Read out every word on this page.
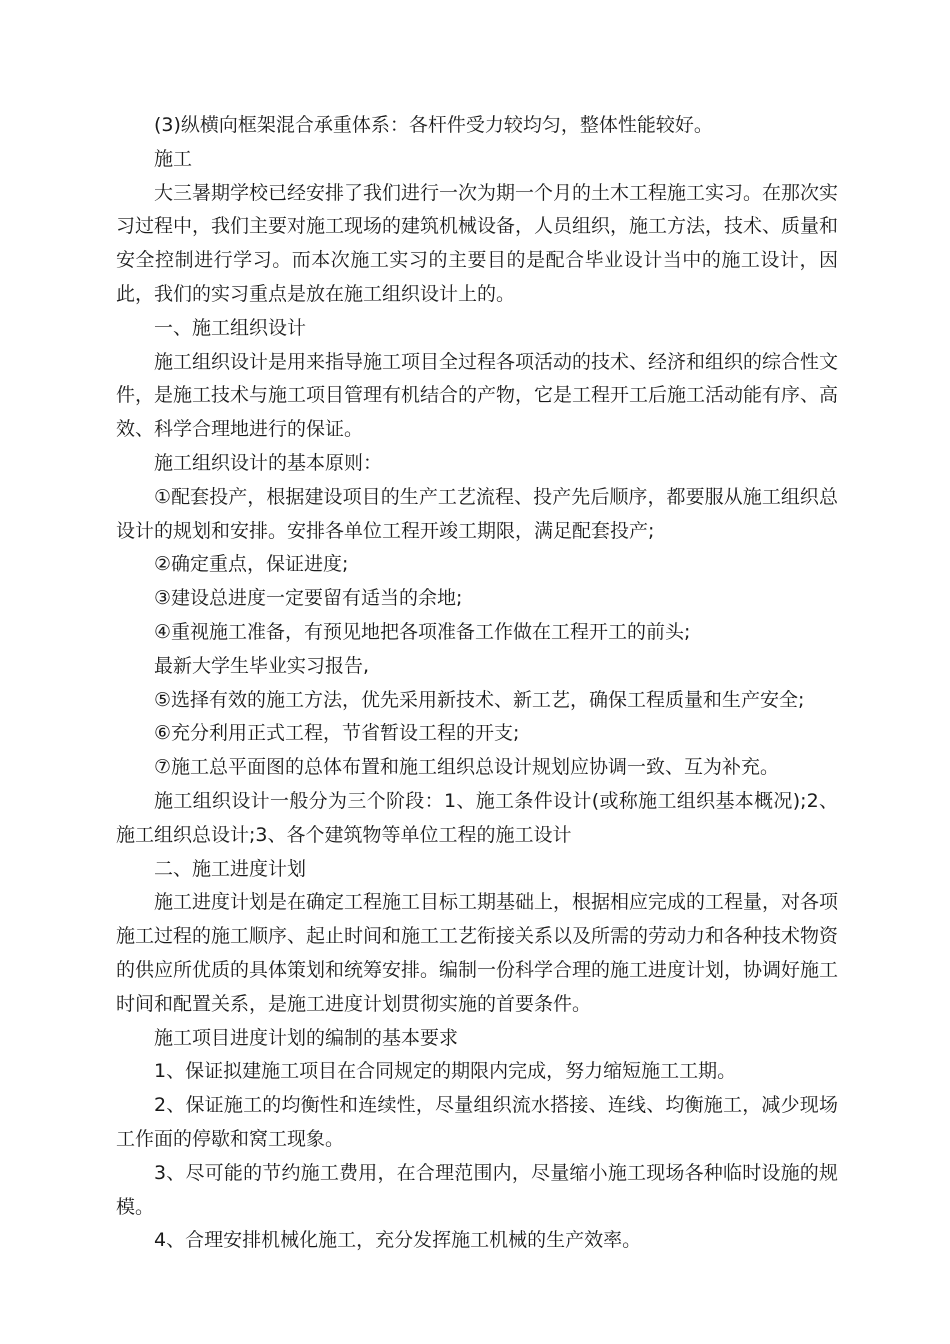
(3)纵横向框架混合承重体系：各杆件受力较均匀，整体性能较好。

施工

大三暑期学校已经安排了我们进行一次为期一个月的土木工程施工实习。在那次实习过程中，我们主要对施工现场的建筑机械设备，人员组织，施工方法，技术、质量和安全控制进行学习。而本次施工实习的主要目的是配合毕业设计当中的施工设计，因此，我们的实习重点是放在施工组织设计上的。

一、施工组织设计

施工组织设计是用来指导施工项目全过程各项活动的技术、经济和组织的综合性文件，是施工技术与施工项目管理有机结合的产物，它是工程开工后施工活动能有序、高效、科学合理地进行的保证。

施工组织设计的基本原则：

①配套投产，根据建设项目的生产工艺流程、投产先后顺序，都要服从施工组织总设计的规划和安排。安排各单位工程开竣工期限，满足配套投产;

②确定重点，保证进度;

③建设总进度一定要留有适当的余地;

④重视施工准备，有预见地把各项准备工作做在工程开工的前头;

最新大学生毕业实习报告,

⑤选择有效的施工方法，优先采用新技术、新工艺，确保工程质量和生产安全;

⑥充分利用正式工程，节省暂设工程的开支;

⑦施工总平面图的总体布置和施工组织总设计规划应协调一致、互为补充。

施工组织设计一般分为三个阶段：1、施工条件设计(或称施工组织基本概况);2、施工组织总设计;3、各个建筑物等单位工程的施工设计

二、施工进度计划

施工进度计划是在确定工程施工目标工期基础上，根据相应完成的工程量，对各项施工过程的施工顺序、起止时间和施工工艺衔接关系以及所需的劳动力和各种技术物资的供应所优质的具体策划和统筹安排。编制一份科学合理的施工进度计划，协调好施工时间和配置关系，是施工进度计划贯彻实施的首要条件。

施工项目进度计划的编制的基本要求

1、保证拟建施工项目在合同规定的期限内完成，努力缩短施工工期。

2、保证施工的均衡性和连续性，尽量组织流水搭接、连线、均衡施工，减少现场工作面的停歇和窝工现象。

3、尽可能的节约施工费用，在合理范围内，尽量缩小施工现场各种临时设施的规模。

4、合理安排机械化施工，充分发挥施工机械的生产效率。
